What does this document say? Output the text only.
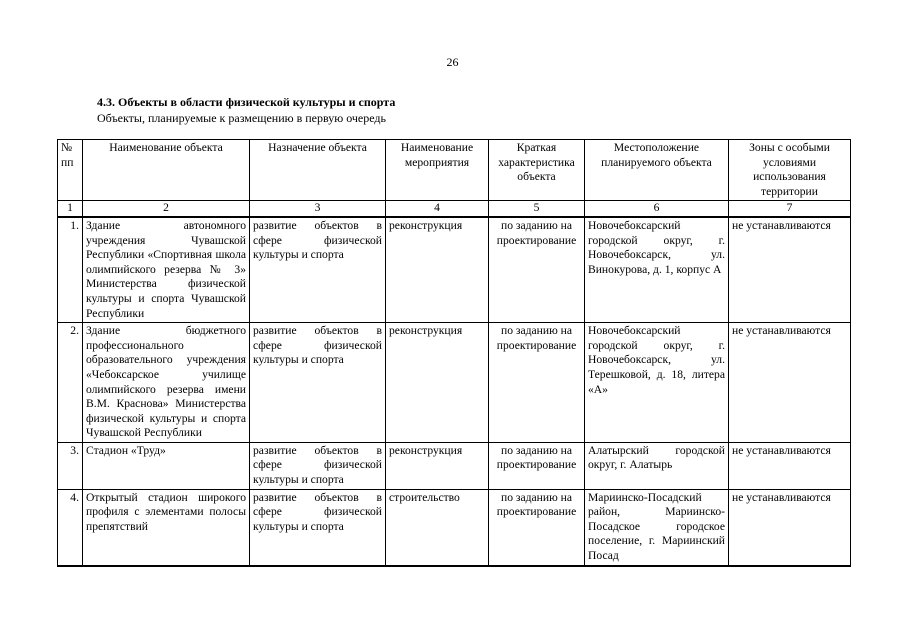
26
4.3. Объекты в области физической культуры и спорта
Объекты, планируемые к размещению в первую очередь
№ пп	Наименование объекта	Назначение объекта	Наименование мероприятия	Краткая характеристика объекта	Местоположение планируемого объекта	Зоны с особыми условиями использования территории
1	2	3	4	5	6	7
1.	Здание автономного учреждения Чувашской Республики «Спортивная школа олимпийского резерва № 3» Министерства физической культуры и спорта Чувашской Республики	развитие объектов в сфере физической культуры и спорта	реконструкция	по заданию на проектирование	Новочебоксарский городской округ, г. Новочебоксарск, ул. Винокурова, д. 1, корпус А	не устанавливаются
2.	Здание бюджетного профессионального образовательного учреждения «Чебоксарское училище олимпийского резерва имени В.М. Краснова» Министерства физической культуры и спорта Чувашской Республики	развитие объектов в сфере физической культуры и спорта	реконструкция	по заданию на проектирование	Новочебоксарский городской округ, г. Новочебоксарск, ул. Терешковой, д. 18, литера «А»	не устанавливаются
3.	Стадион «Труд»	развитие объектов в сфере физической культуры и спорта	реконструкция	по заданию на проектирование	Алатырский городской округ, г. Алатырь	не устанавливаются
4.	Открытый стадион широкого профиля с элементами полосы препятствий	развитие объектов в сфере физической культуры и спорта	строительство	по заданию на проектирование	Мариинско-Посадский район, Мариинско-Посадское городское поселение, г. Мариинский Посад	не устанавливаются
